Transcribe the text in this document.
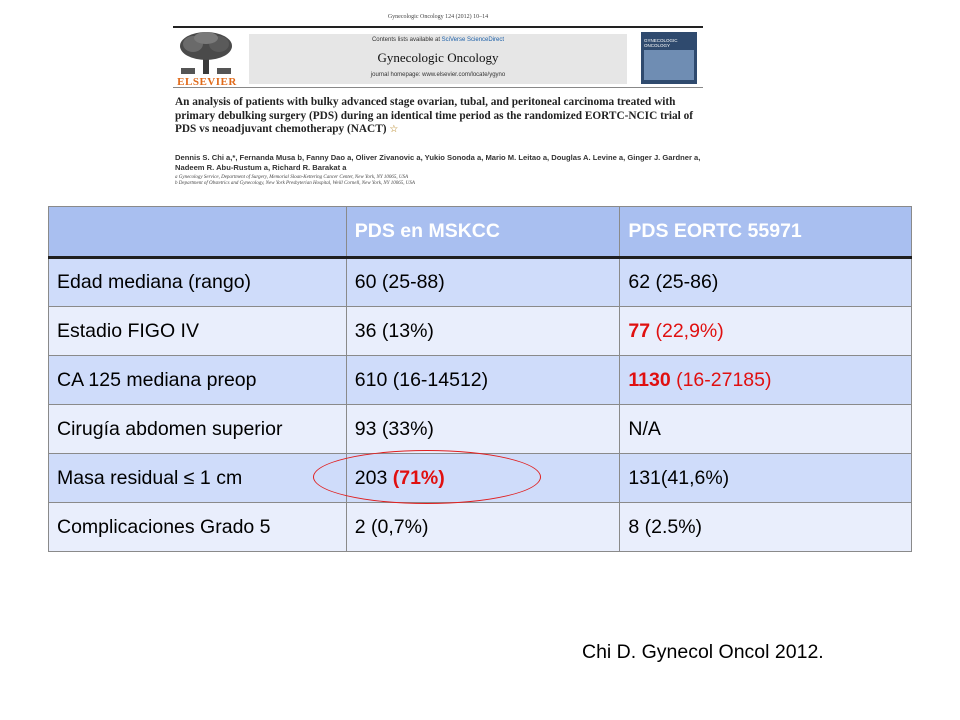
Gynecologic Oncology 124 (2012) 10–14
ELSEVIER
Contents lists available at SciVerse ScienceDirect
Gynecologic Oncology
journal homepage: www.elsevier.com/locate/ygyno
GYNECOLOGIC ONCOLOGY
An analysis of patients with bulky advanced stage ovarian, tubal, and peritoneal carcinoma treated with primary debulking surgery (PDS) during an identical time period as the randomized EORTC-NCIC trial of PDS vs neoadjuvant chemotherapy (NACT) ☆
Dennis S. Chi a,*, Fernanda Musa b, Fanny Dao a, Oliver Zivanovic a, Yukio Sonoda a, Mario M. Leitao a, Douglas A. Levine a, Ginger J. Gardner a, Nadeem R. Abu-Rustum a, Richard R. Barakat a
a Gynecology Service, Department of Surgery, Memorial Sloan-Kettering Cancer Center, New York, NY 10065, USA
b Department of Obstetrics and Gynecology, New York Presbyterian Hospital, Weill Cornell, New York, NY 10065, USA
	PDS en MSKCC	PDS EORTC 55971
Edad mediana (rango)	60 (25-88)	62 (25-86)
Estadio FIGO IV	36 (13%)	77 (22,9%)
CA 125 mediana preop	610 (16-14512)	1130 (16-27185)
Cirugía abdomen superior	93 (33%)	N/A
Masa residual ≤ 1 cm	203 (71%)	131(41,6%)
Complicaciones Grado 5	2 (0,7%)	8 (2.5%)
Chi D. Gynecol Oncol 2012.
